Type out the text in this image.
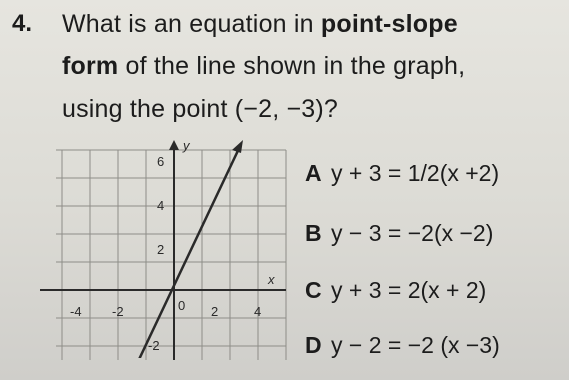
4. What is an equation in point-slope
form of the line shown in the graph,
using the point (−2, −3)?
y
x
6
4
2
-2
-4 -2	0 2	4
A y + 3 = 1/2(x +2)
B y − 3 = −2(x −2)
C y + 3 = 2(x + 2)
D y − 2 = −2 (x −3)
